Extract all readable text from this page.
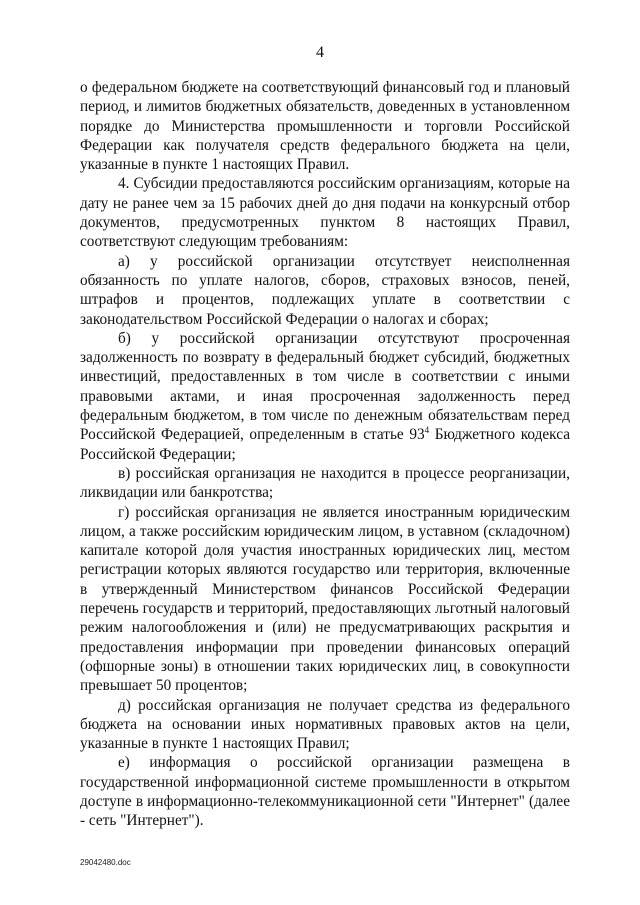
4

о федеральном бюджете на соответствующий финансовый год и плановый период, и лимитов бюджетных обязательств, доведенных в установленном порядке до Министерства промышленности и торговли Российской Федерации как получателя средств федерального бюджета на цели, указанные в пункте 1 настоящих Правил.

4. Субсидии предоставляются российским организациям, которые на дату не ранее чем за 15 рабочих дней до дня подачи на конкурсный отбор документов, предусмотренных пунктом 8 настоящих Правил, соответствуют следующим требованиям:

а) у российской организации отсутствует неисполненная обязанность по уплате налогов, сборов, страховых взносов, пеней, штрафов и процентов, подлежащих уплате в соответствии с законодательством Российской Федерации о налогах и сборах;

б) у российской организации отсутствуют просроченная задолженность по возврату в федеральный бюджет субсидий, бюджетных инвестиций, предоставленных в том числе в соответствии с иными правовыми актами, и иная просроченная задолженность перед федеральным бюджетом, в том числе по денежным обязательствам перед Российской Федерацией, определенным в статье $93^4$ Бюджетного кодекса Российской Федерации;

в) российская организация не находится в процессе реорганизации, ликвидации или банкротства;

г) российская организация не является иностранным юридическим лицом, а также российским юридическим лицом, в уставном (складочном) капитале которой доля участия иностранных юридических лиц, местом регистрации которых являются государство или территория, включенные в утвержденный Министерством финансов Российской Федерации перечень государств и территорий, предоставляющих льготный налоговый режим налогообложения и (или) не предусматривающих раскрытия и предоставления информации при проведении финансовых операций (офшорные зоны) в отношении таких юридических лиц, в совокупности превышает 50 процентов;

д) российская организация не получает средства из федерального бюджета на основании иных нормативных правовых актов на цели, указанные в пункте 1 настоящих Правил;

е) информация о российской организации размещена в государственной информационной системе промышленности в открытом доступе в информационно-телекоммуникационной сети "Интернет" (далее - сеть "Интернет").

29042480.doc
